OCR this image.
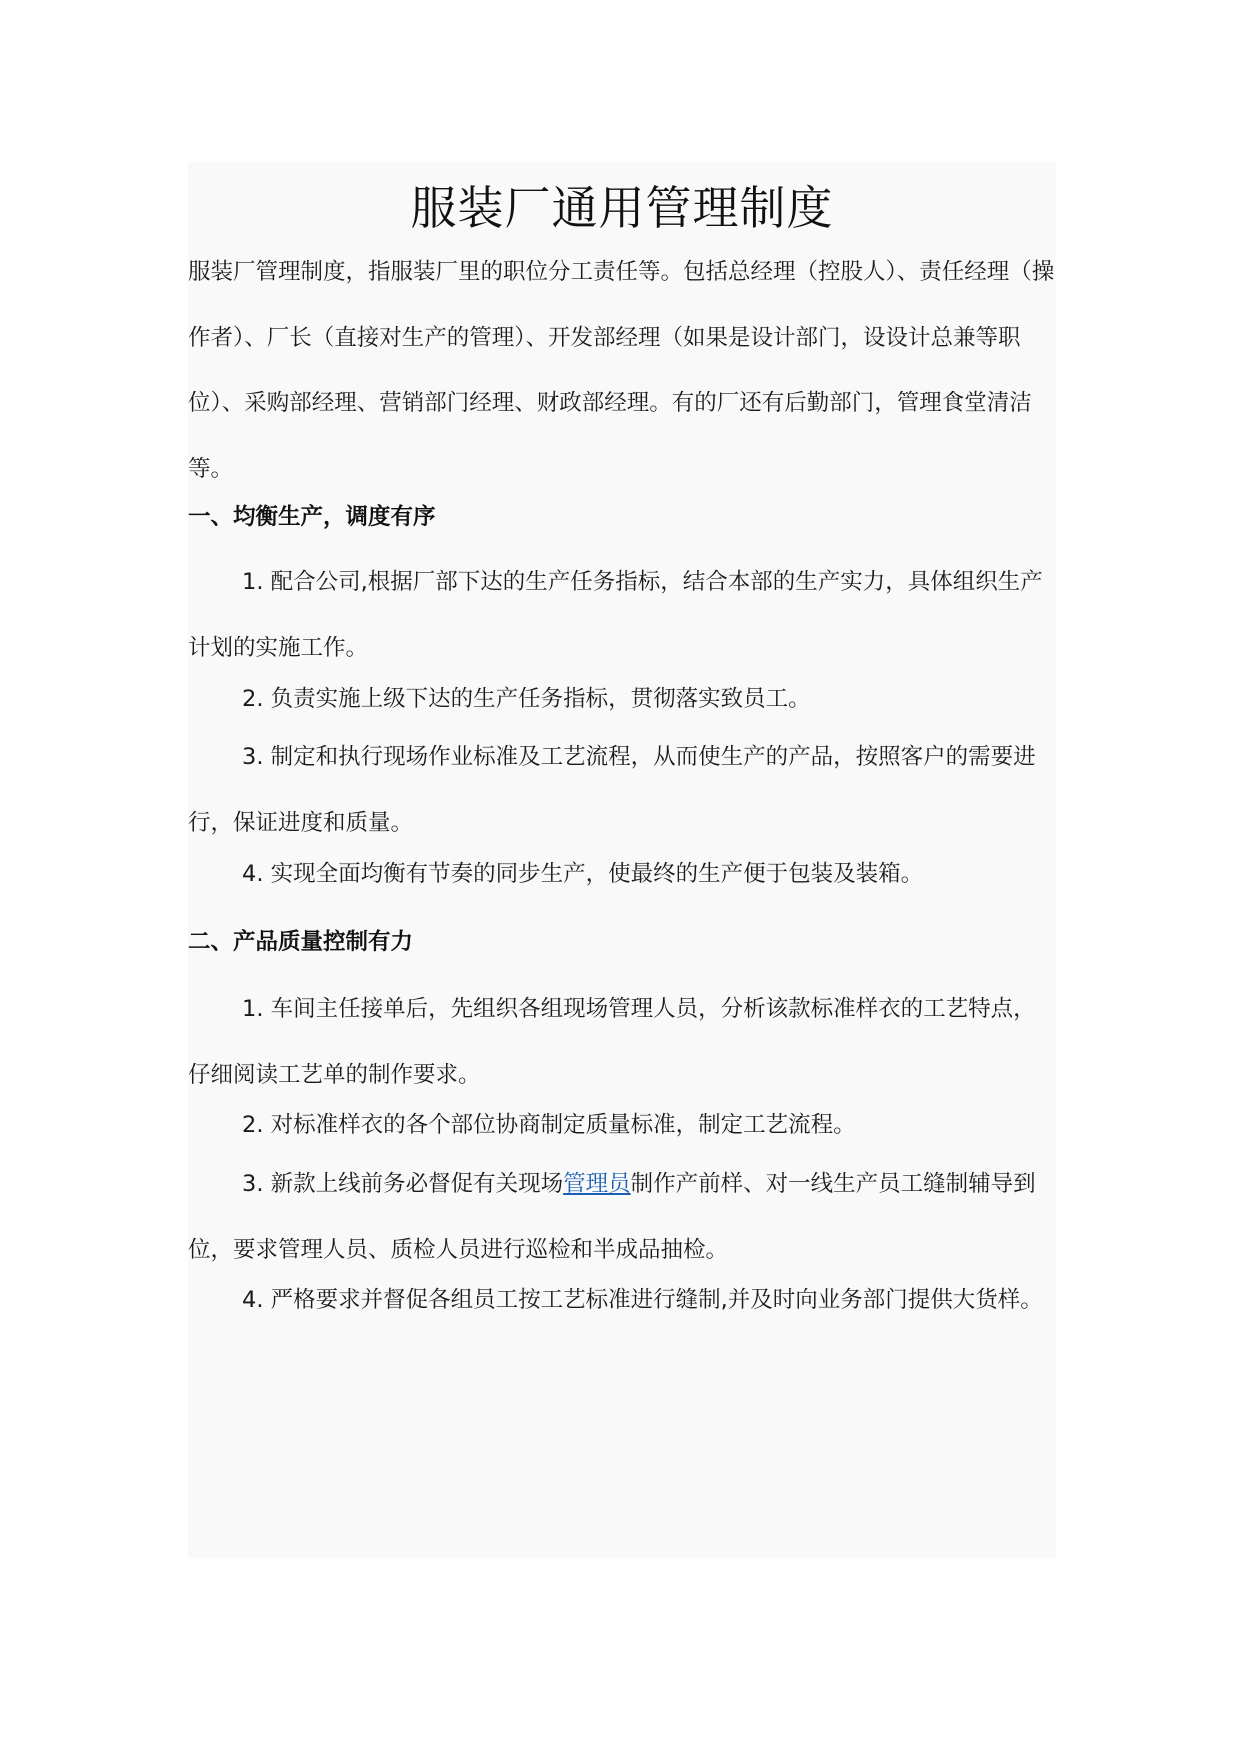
服装厂通用管理制度

服装厂管理制度，指服装厂里的职位分工责任等。包括总经理（控股人）、责任经理（操作者）、厂长（直接对生产的管理）、开发部经理（如果是设计部门，设设计总兼等职位）、采购部经理、营销部门经理、财政部经理。有的厂还有后勤部门，管理食堂清洁等。

一、均衡生产，调度有序

1. 配合公司,根据厂部下达的生产任务指标，结合本部的生产实力，具体组织生产计划的实施工作。

2. 负责实施上级下达的生产任务指标，贯彻落实致员工。

3. 制定和执行现场作业标准及工艺流程，从而使生产的产品，按照客户的需要进行，保证进度和质量。

4. 实现全面均衡有节奏的同步生产，使最终的生产便于包装及装箱。

二、产品质量控制有力

1. 车间主任接单后，先组织各组现场管理人员，分析该款标准样衣的工艺特点，仔细阅读工艺单的制作要求。

2. 对标准样衣的各个部位协商制定质量标准，制定工艺流程。

3. 新款上线前务必督促有关现场管理员制作产前样、对一线生产员工缝制辅导到位，要求管理人员、质检人员进行巡检和半成品抽检。

4. 严格要求并督促各组员工按工艺标准进行缝制,并及时向业务部门提供大货样。
